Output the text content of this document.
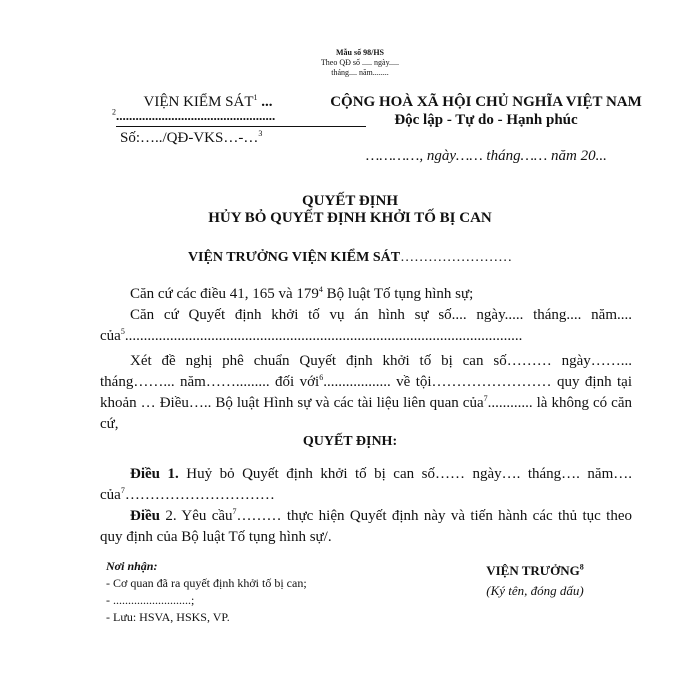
Mẫu số 98/HS
Theo QĐ số ..... ngày.....
tháng.... năm........
VIỆN KIỂM SÁT$^1$ ...
$^2$.................................................
Số:…../QĐ-VKS…-…$^3$
CỘNG HOÀ XÃ HỘI CHỦ NGHĨA VIỆT NAM
Độc lập - Tự do - Hạnh phúc
…………, ngày…… tháng…… năm 20...
QUYẾT ĐỊNH
HỦY BỎ QUYẾT ĐỊNH KHỞI TỐ BỊ CAN
VIỆN TRƯỞNG VIỆN KIỂM SÁT……………………
Căn cứ các điều 41, 165 và $179^4$ Bộ luật Tố tụng hình sự;
Căn cứ Quyết định khởi tố vụ án hình sự số.... ngày..... tháng.... năm.... của$^5$..........................................................................................................
Xét đề nghị phê chuẩn Quyết định khởi tố bị can số……… ngày……... tháng……... năm……......... đối với$^6$.................. về tội…………………… quy định tại khoản … Điều….. Bộ luật Hình sự và các tài liệu liên quan của$^7$............ là không có căn cứ,
QUYẾT ĐỊNH:
Điều 1. Huỷ bỏ Quyết định khởi tố bị can số…… ngày…. tháng…. năm…. của$^7$…………………………
Điều 2. Yêu cầu$^7$……… thực hiện Quyết định này và tiến hành các thủ tục theo quy định của Bộ luật Tố tụng hình sự/.
Nơi nhận:
- Cơ quan đã ra quyết định khởi tố bị can;
- ..........................;
- Lưu: HSVA, HSKS, VP.
VIỆN TRƯỞNG$^8$
(Ký tên, đóng dấu)
